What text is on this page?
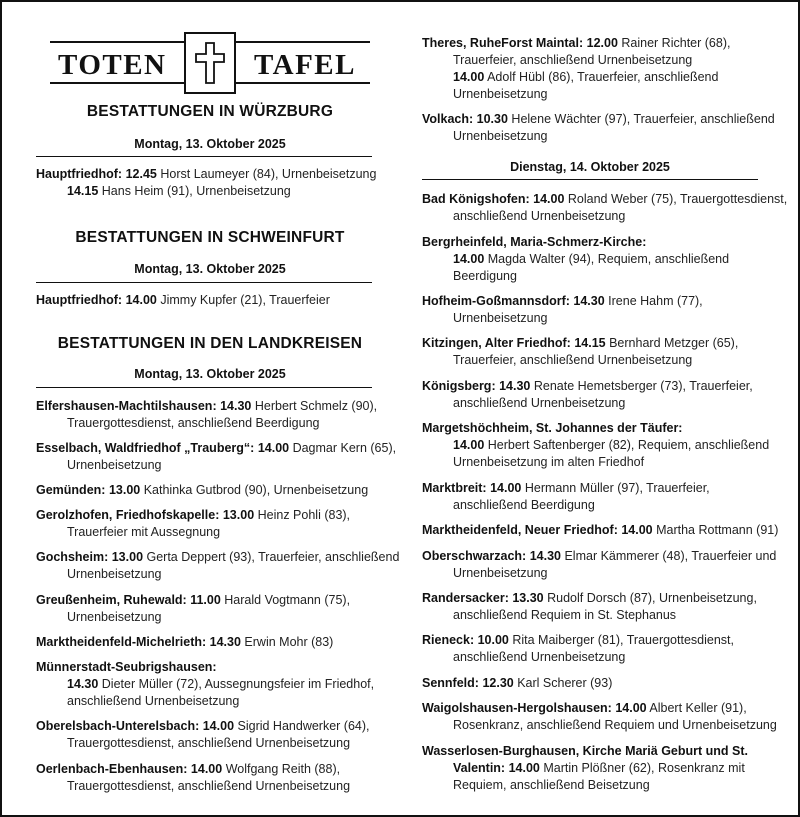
TOTEN	TAFEL
BESTATTUNGEN IN WÜRZBURG
Montag, 13. Oktober 2025
Hauptfriedhof: 12.45 Horst Laumeyer (84), Urnenbeisetzung
14.15 Hans Heim (91), Urnenbeisetzung
BESTATTUNGEN IN SCHWEINFURT
Montag, 13. Oktober 2025
Hauptfriedhof: 14.00 Jimmy Kupfer (21), Trauerfeier
BESTATTUNGEN IN DEN LANDKREISEN
Montag, 13. Oktober 2025
Elfershausen-Machtilshausen: 14.30 Herbert Schmelz (90),
Trauergottesdienst, anschließend Beerdigung
Esselbach, Waldfriedhof „Trauberg“: 14.00 Dagmar Kern (65),
Urnenbeisetzung
Gemünden: 13.00 Kathinka Gutbrod (90), Urnenbeisetzung
Gerolzhofen, Friedhofskapelle: 13.00 Heinz Pohli (83),
Trauerfeier mit Aussegnung
Gochsheim: 13.00 Gerta Deppert (93), Trauerfeier, anschließend
Urnenbeisetzung
Greußenheim, Ruhewald: 11.00 Harald Vogtmann (75),
Urnenbeisetzung
Marktheidenfeld-Michelrieth: 14.30 Erwin Mohr (83)
Münnerstadt-Seubrigshausen:
14.30 Dieter Müller (72), Aussegnungsfeier im Friedhof,
anschließend Urnenbeisetzung
Oberelsbach-Unterelsbach: 14.00 Sigrid Handwerker (64),
Trauergottesdienst, anschließend Urnenbeisetzung
Oerlenbach-Ebenhausen: 14.00 Wolfgang Reith (88),
Trauergottesdienst, anschließend Urnenbeisetzung
Theres, RuheForst Maintal: 12.00 Rainer Richter (68),
Trauerfeier, anschließend Urnenbeisetzung
14.00 Adolf Hübl (86), Trauerfeier, anschließend
Urnenbeisetzung
Volkach: 10.30 Helene Wächter (97), Trauerfeier, anschließend
Urnenbeisetzung
Dienstag, 14. Oktober 2025
Bad Königshofen: 14.00 Roland Weber (75), Trauergottesdienst,
anschließend Urnenbeisetzung
Bergrheinfeld, Maria-Schmerz-Kirche:
14.00 Magda Walter (94), Requiem, anschließend
Beerdigung
Hofheim-Goßmannsdorf: 14.30 Irene Hahm (77),
Urnenbeisetzung
Kitzingen, Alter Friedhof: 14.15 Bernhard Metzger (65),
Trauerfeier, anschließend Urnenbeisetzung
Königsberg: 14.30 Renate Hemetsberger (73), Trauerfeier,
anschließend Urnenbeisetzung
Margetshöchheim, St. Johannes der Täufer:
14.00 Herbert Saftenberger (82), Requiem, anschließend
Urnenbeisetzung im alten Friedhof
Marktbreit: 14.00 Hermann Müller (97), Trauerfeier,
anschließend Beerdigung
Marktheidenfeld, Neuer Friedhof: 14.00 Martha Rottmann (91)
Oberschwarzach: 14.30 Elmar Kämmerer (48), Trauerfeier und
Urnenbeisetzung
Randersacker: 13.30 Rudolf Dorsch (87), Urnenbeisetzung,
anschließend Requiem in St. Stephanus
Rieneck: 10.00 Rita Maiberger (81), Trauergottesdienst,
anschließend Urnenbeisetzung
Sennfeld: 12.30 Karl Scherer (93)
Waigolshausen-Hergolshausen: 14.00 Albert Keller (91),
Rosenkranz, anschließend Requiem und Urnenbeisetzung
Wasserlosen-Burghausen, Kirche Mariä Geburt und St.
Valentin: 14.00 Martin Plößner (62), Rosenkranz mit
Requiem, anschließend Beisetzung
